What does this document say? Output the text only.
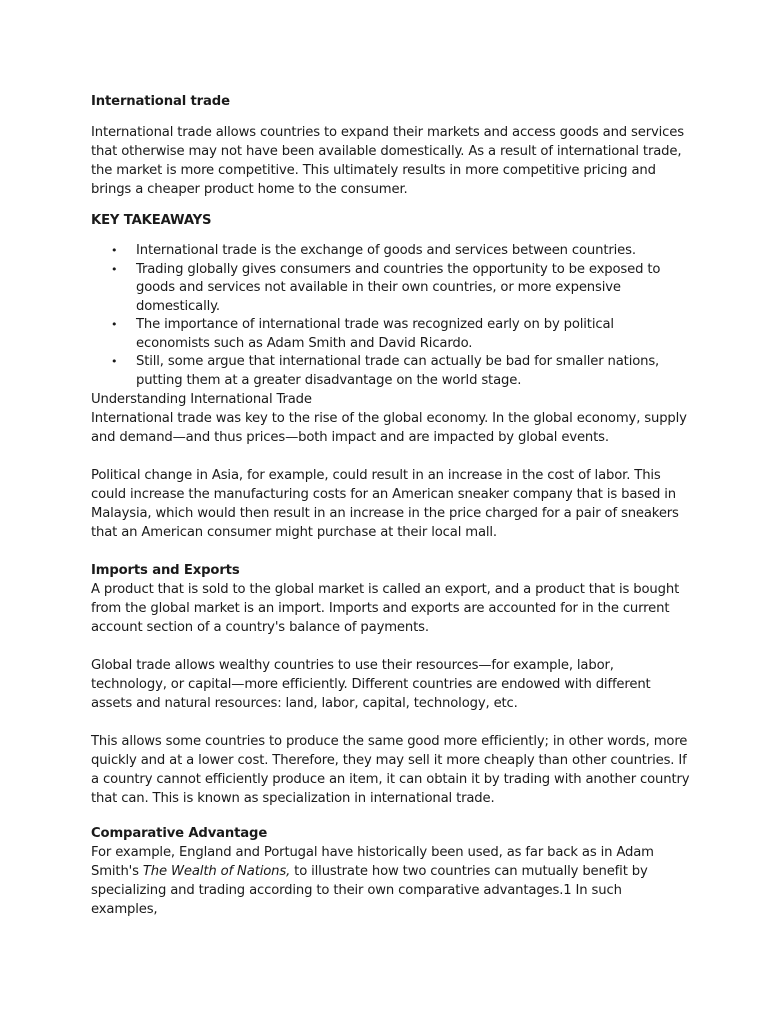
International trade

International trade allows countries to expand their markets and access goods and services that otherwise may not have been available domestically. As a result of international trade, the market is more competitive. This ultimately results in more competitive pricing and brings a cheaper product home to the consumer.

KEY TAKEAWAYS

• International trade is the exchange of goods and services between countries.
• Trading globally gives consumers and countries the opportunity to be exposed to goods and services not available in their own countries, or more expensive domestically.
• The importance of international trade was recognized early on by political economists such as Adam Smith and David Ricardo.
• Still, some argue that international trade can actually be bad for smaller nations, putting them at a greater disadvantage on the world stage.

Understanding International Trade

International trade was key to the rise of the global economy. In the global economy, supply and demand—and thus prices—both impact and are impacted by global events.

Political change in Asia, for example, could result in an increase in the cost of labor. This could increase the manufacturing costs for an American sneaker company that is based in Malaysia, which would then result in an increase in the price charged for a pair of sneakers that an American consumer might purchase at their local mall.

Imports and Exports

A product that is sold to the global market is called an export, and a product that is bought from the global market is an import. Imports and exports are accounted for in the current account section of a country's balance of payments.

Global trade allows wealthy countries to use their resources—for example, labor, technology, or capital—more efficiently. Different countries are endowed with different assets and natural resources: land, labor, capital, technology, etc.

This allows some countries to produce the same good more efficiently; in other words, more quickly and at a lower cost. Therefore, they may sell it more cheaply than other countries. If a country cannot efficiently produce an item, it can obtain it by trading with another country that can. This is known as specialization in international trade.

Comparative Advantage

For example, England and Portugal have historically been used, as far back as in Adam Smith's The Wealth of Nations, to illustrate how two countries can mutually benefit by specializing and trading according to their own comparative advantages.1 In such examples,
